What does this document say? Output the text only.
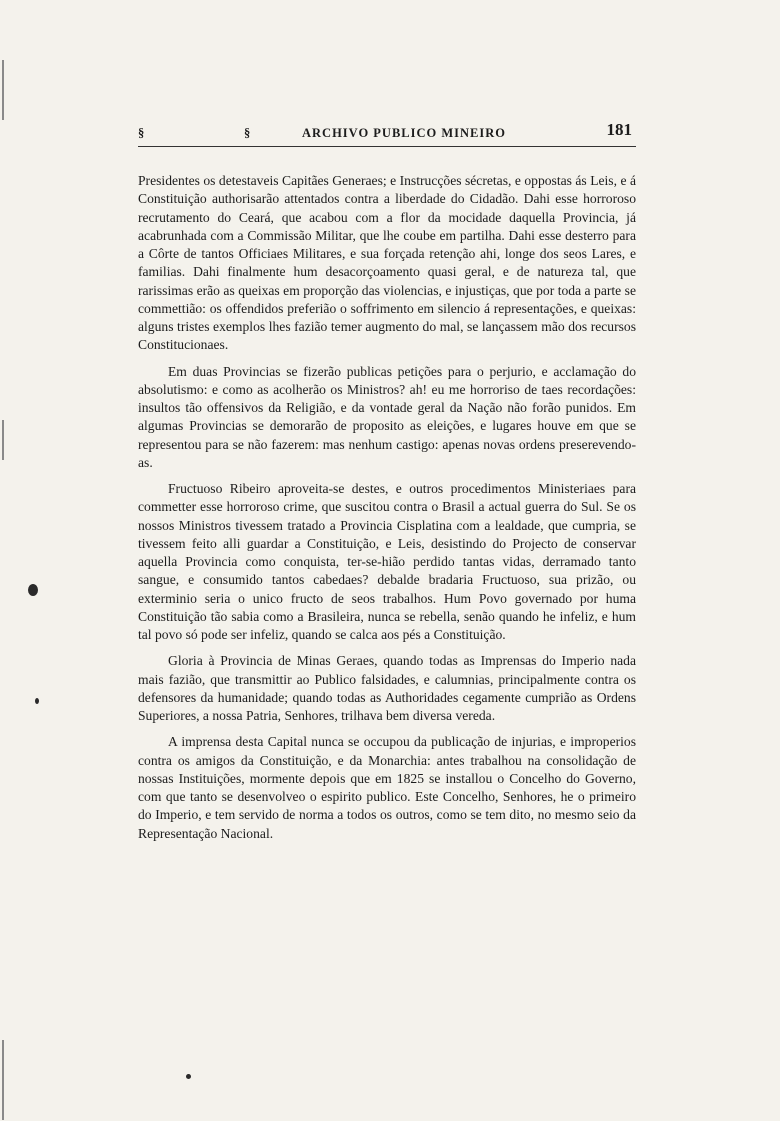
§	§	ARCHIVO PUBLICO MINEIRO	181

Presidentes os detestaveis Capitães Generaes; e Instrucções sécretas, e oppostas ás Leis, e á Constituição authorisarão attentados contra a liberdade do Cidadão. Dahi esse horroroso recrutamento do Ceará, que acabou com a flor da mocidade daquella Provincia, já acabrunhada com a Commissão Militar, que lhe coube em partilha. Dahi esse desterro para a Côrte de tantos Officiaes Militares, e sua forçada retenção ahi, longe dos seos Lares, e familias. Dahi finalmente hum desacorçoamento quasi geral, e de natureza tal, que rarissimas erão as queixas em proporção das violencias, e injustiças, que por toda a parte se commettião: os offendidos preferião o soffrimento em silencio á representações, e queixas: alguns tristes exemplos lhes fazião temer augmento do mal, se lançassem mão dos recursos Constitucionaes.

Em duas Provincias se fizerão publicas petições para o perjurio, e acclamação do absolutismo: e como as acolherão os Ministros? ah! eu me horrorisо de taes recordações: insultos tão offensivos da Religião, e da vontade geral da Nação não forão punidos. Em algumas Provincias se demorarão de proposito as eleições, e lugares houve em que se representou para se não fazerem: mas nenhum castigo: apenas novas ordens preserevendo-as.

Fructuoso Ribeiro aproveita-se destes, e outros procedimentos Ministeriaes para commetter esse horroroso crime, que suscitou contra o Brasil a actual guerra do Sul. Se os nossos Ministros tivessem tratado a Provincia Cisplatina com a lealdade, que cumpria, se tivessem feito alli guardar a Constituição, e Leis, desistindo do Projecto de conservar aquella Provincia como conquista, ter-se-hião perdido tantas vidas, derramado tanto sangue, e consumido tantos cabedaes? debalde bradaria Fructuoso, sua prizão, ou exterminio seria o unico fructo de seos trabalhos. Hum Povo governado por huma Constituição tão sabia como a Brasileira, nunca se rebella, senão quando he infeliz, e hum tal povo só pode ser infeliz, quando se calca aos pés a Constituição.

Gloria à Provincia de Minas Geraes, quando todas as Imprensas do Imperio nada mais fazião, que transmittir ao Publico falsidades, e calumnias, principalmente contra os defensores da humanidade; quando todas as Authoridades cegamente cumprião as Ordens Superiores, a nossa Patria, Senhores, trilhava bem diversa vereda.

A imprensa desta Capital nunca se occupou da publicação de injurias, e improperios contra os amigos da Constituição, e da Monarchia: antes trabalhou na consolidação de nossas Instituições, mormente depois que em 1825 se installou o Concelho do Governo, com que tanto se desenvolveo o espirito publico. Este Concelho, Senhores, he o primeiro do Imperio, e tem servido de norma a todos os outros, como se tem dito, no mesmo seio da Representação Nacional.
